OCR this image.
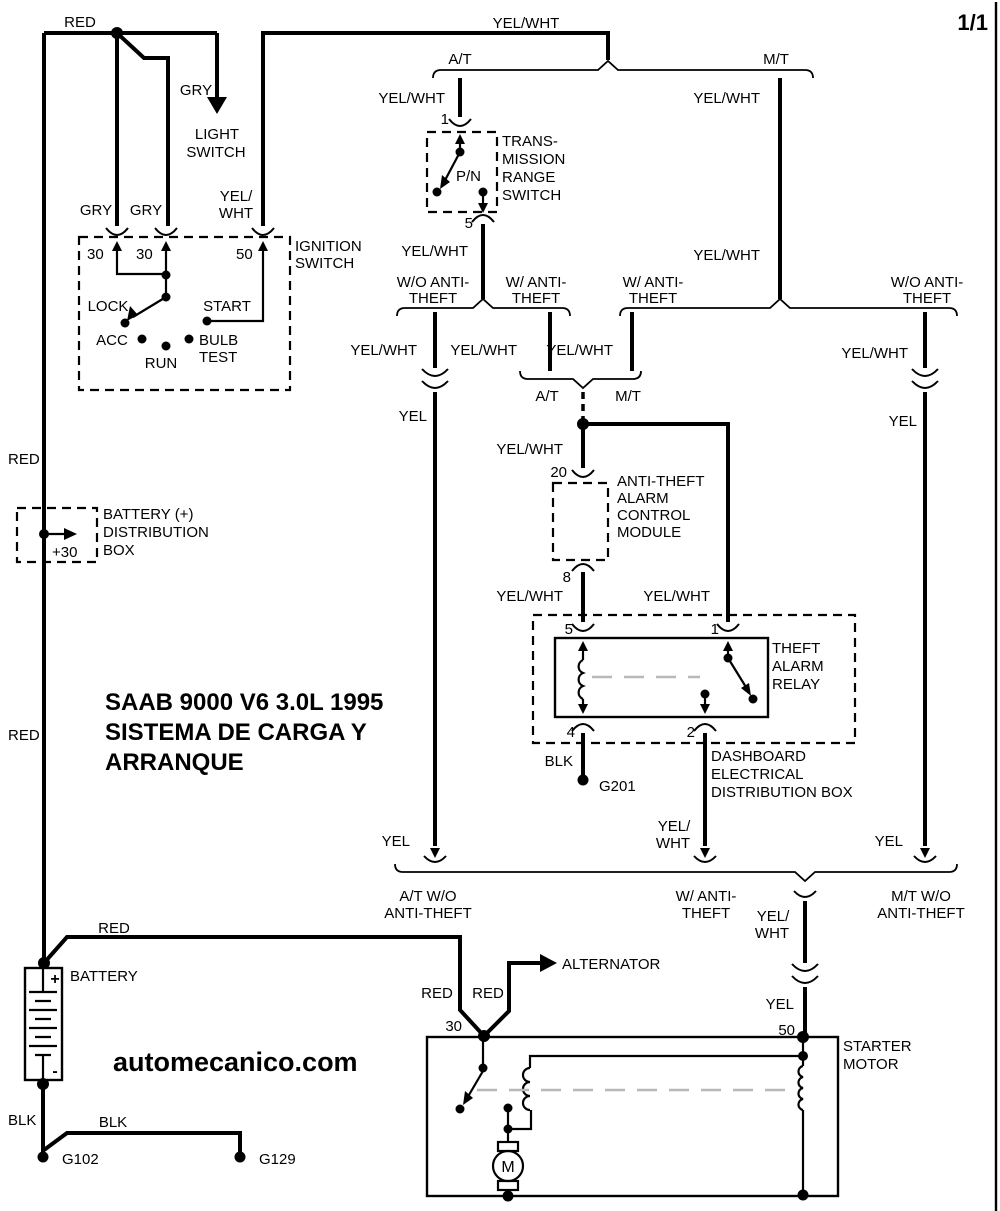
GRY
LIGHT
SWITCH
30 30	50
LOCK
ACC
RUN
BULB
TEST
START
IGNITION
SWITCH
1
5
P/N
TRANS-
MISSION
RANGE
SWITCH
+30
BATTERY (+)
DISTRIBUTION
BOX
20
8
ANTI-THEFT
ALARM
CONTROL
MODULE
5	1
4	2
THEFT
ALARM
RELAY
DASHBOARD
ELECTRICAL
DISTRIBUTION BOX
G201
+
-
BATTERY
G102	G129
ALTERNATOR
M
30	50
STARTER
MOTOR
RED	YEL/WHT
GRY GRY
YEL/
WHT
A/T	M/T
YEL/WHT	YEL/WHT
YEL/WHT	YEL/WHT
W/O ANTI-
THEFT
W/ ANTI-
THEFT
W/ ANTI-
THEFT
W/O ANTI-
THEFT
YEL/WHT YEL/WHT YEL/WHT	YEL/WHT
A/T	M/T
YEL	YEL
YEL/WHT
YEL/WHT	YEL/WHT
BLK
YEL/
WHT
YEL	YEL
A/T W/O
ANTI-THEFT
W/ ANTI-
THEFT
M/T W/O
ANTI-THEFT
YEL/
WHT
YEL
RED
RED
RED
RED RED
BLK	BLK
1/1
SAAB 9000 V6 3.0L 1995
SISTEMA DE CARGA Y
ARRANQUE
automecanico.com
